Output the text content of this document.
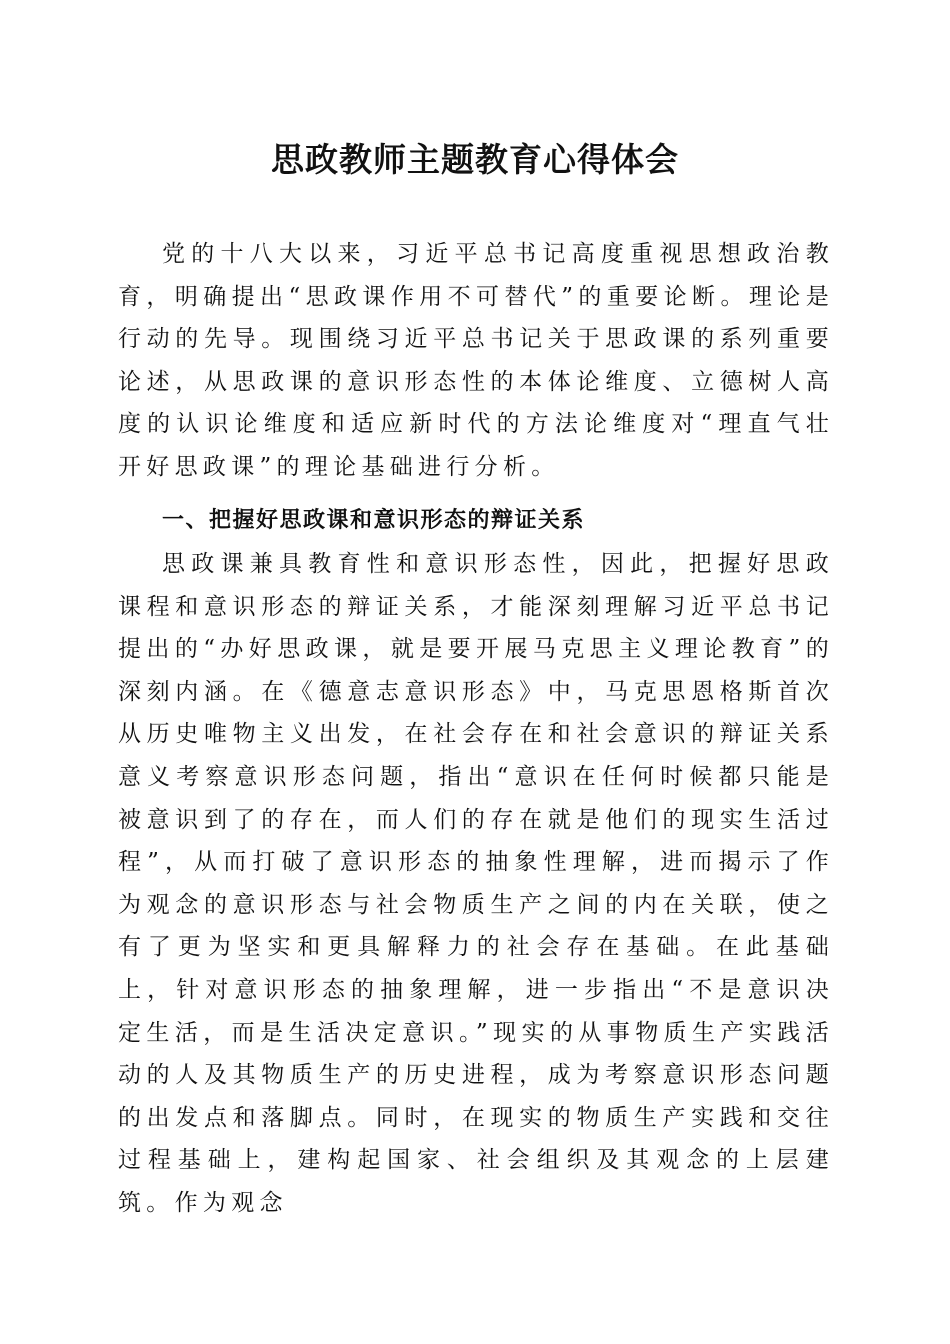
思政教师主题教育心得体会

党的十八大以来，习近平总书记高度重视思想政治教育，明确提出“思政课作用不可替代”的重要论断。理论是行动的先导。现围绕习近平总书记关于思政课的系列重要论述，从思政课的意识形态性的本体论维度、立德树人高度的认识论维度和适应新时代的方法论维度对“理直气壮开好思政课”的理论基础进行分析。

一、把握好思政课和意识形态的辩证关系

思政课兼具教育性和意识形态性，因此，把握好思政课程和意识形态的辩证关系，才能深刻理解习近平总书记提出的“办好思政课，就是要开展马克思主义理论教育”的深刻内涵。在《德意志意识形态》中，马克思恩格斯首次从历史唯物主义出发，在社会存在和社会意识的辩证关系意义考察意识形态问题，指出“意识在任何时候都只能是被意识到了的存在，而人们的存在就是他们的现实生活过程”，从而打破了意识形态的抽象性理解，进而揭示了作为观念的意识形态与社会物质生产之间的内在关联，使之有了更为坚实和更具解释力的社会存在基础。在此基础上，针对意识形态的抽象理解，进一步指出“不是意识决定生活，而是生活决定意识。”现实的从事物质生产实践活动的人及其物质生产的历史进程，成为考察意识形态问题的出发点和落脚点。同时，在现实的物质生产实践和交往过程基础上，建构起国家、社会组织及其观念的上层建筑。作为观念
